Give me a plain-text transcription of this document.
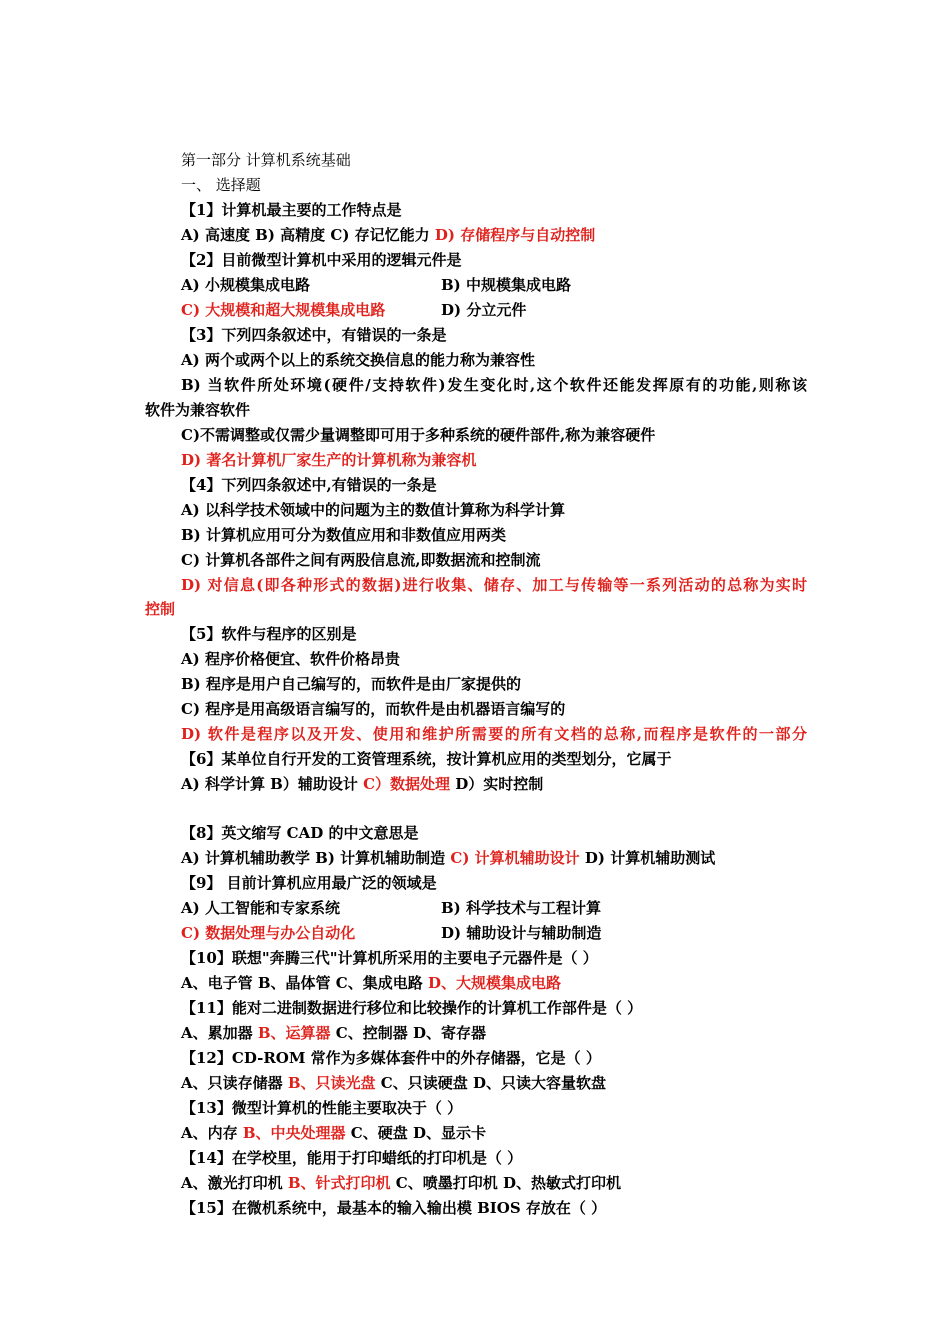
第一部分 计算机系统基础
一、 选择题
【1】计算机最主要的工作特点是
A) 高速度 B) 高精度 C) 存记忆能力 D) 存储程序与自动控制
【2】目前微型计算机中采用的逻辑元件是
A) 小规模集成电路	B) 中规模集成电路
C) 大规模和超大规模集成电路	D) 分立元件
【3】下列四条叙述中，有错误的一条是
A) 两个或两个以上的系统交换信息的能力称为兼容性
B) 当软件所处环境(硬件/支持软件)发生变化时,这个软件还能发挥原有的功能,则称该
软件为兼容软件
C)不需调整或仅需少量调整即可用于多种系统的硬件部件,称为兼容硬件
D) 著名计算机厂家生产的计算机称为兼容机
【4】下列四条叙述中,有错误的一条是
A) 以科学技术领域中的问题为主的数值计算称为科学计算
B) 计算机应用可分为数值应用和非数值应用两类
C) 计算机各部件之间有两股信息流,即数据流和控制流
D) 对信息(即各种形式的数据)进行收集、储存、加工与传输等一系列活动的总称为实时
控制
【5】软件与程序的区别是
A) 程序价格便宜、软件价格昂贵
B) 程序是用户自己编写的，而软件是由厂家提供的
C) 程序是用高级语言编写的，而软件是由机器语言编写的
D) 软件是程序以及开发、使用和维护所需要的所有文档的总称,而程序是软件的一部分
【6】某单位自行开发的工资管理系统，按计算机应用的类型划分，它属于
A) 科学计算 B）辅助设计 C）数据处理 D）实时控制
【8】英文缩写 CAD 的中文意思是
A) 计算机辅助教学 B) 计算机辅助制造 C) 计算机辅助设计 D) 计算机辅助测试
【9】 目前计算机应用最广泛的领域是
A) 人工智能和专家系统	B) 科学技术与工程计算
C) 数据处理与办公自动化	D) 辅助设计与辅助制造
【10】联想"奔腾三代"计算机所采用的主要电子元器件是（ ）
A、电子管 B、晶体管 C、集成电路 D、大规模集成电路
【11】能对二进制数据进行移位和比较操作的计算机工作部件是（ ）
A、累加器 B、运算器 C、控制器 D、寄存器
【12】CD-ROM 常作为多媒体套件中的外存储器，它是（ ）
A、只读存储器 B、只读光盘 C、只读硬盘 D、只读大容量软盘
【13】微型计算机的性能主要取决于（ ）
A、内存 B、中央处理器 C、硬盘 D、显示卡
【14】在学校里，能用于打印蜡纸的打印机是（ ）
A、激光打印机 B、针式打印机 C、喷墨打印机 D、热敏式打印机
【15】在微机系统中，最基本的输入输出模 BIOS 存放在（ ）
